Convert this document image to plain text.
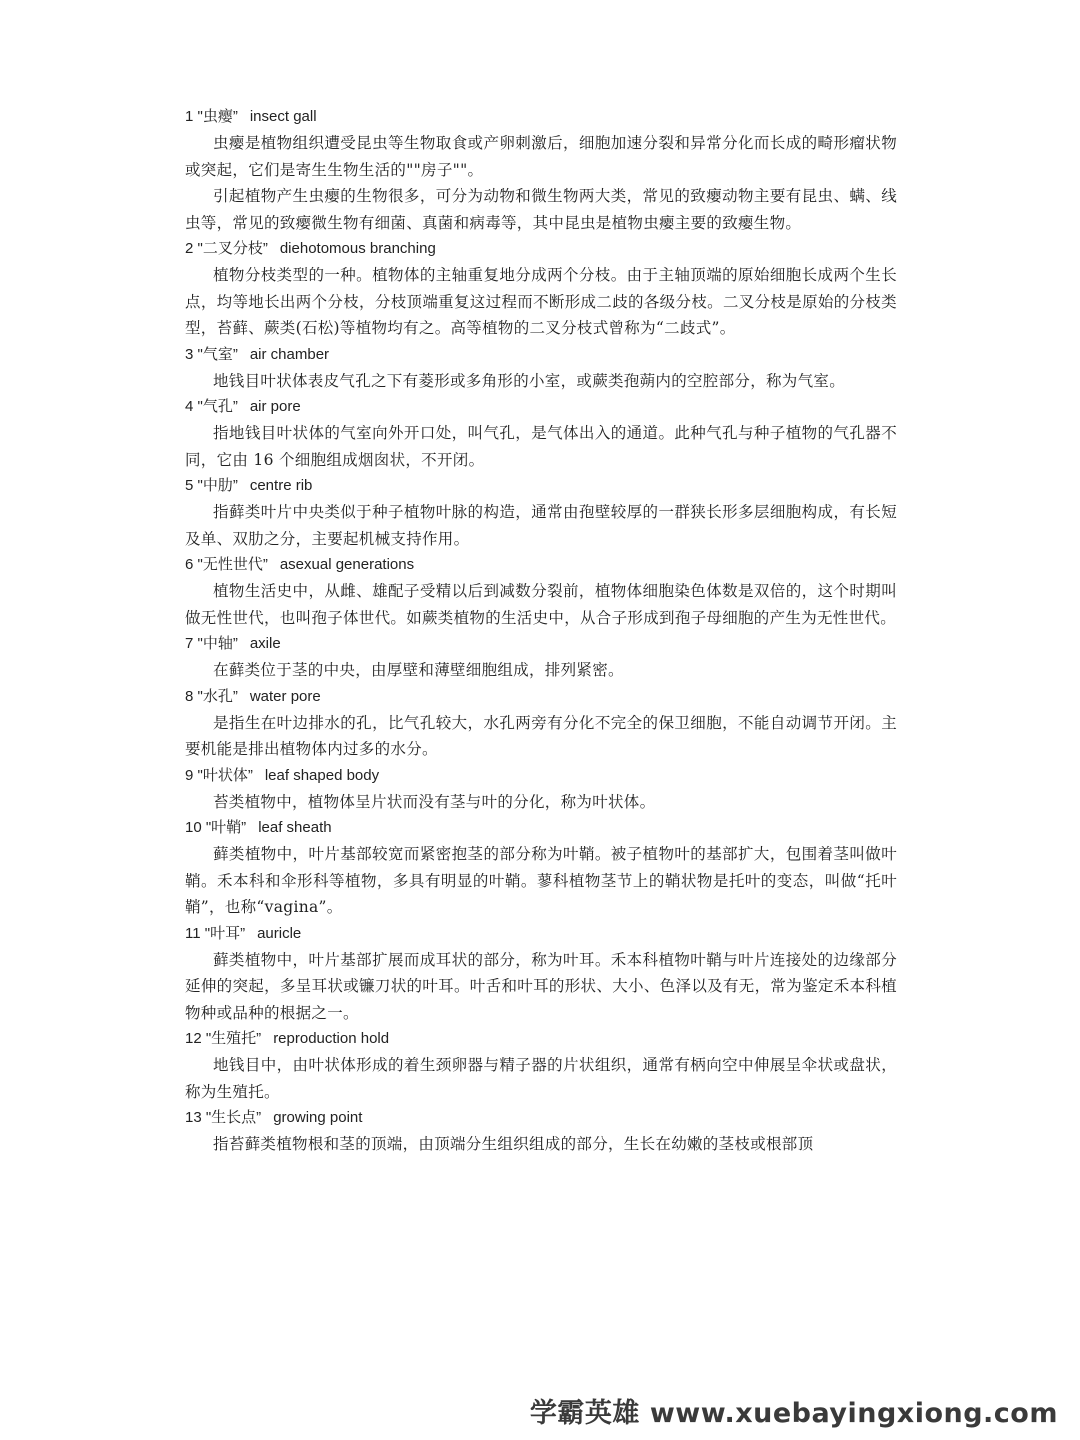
1 "虫瘿” insect gall

虫瘿是植物组织遭受昆虫等生物取食或产卵刺激后，细胞加速分裂和异常分化而长成的畸形瘤状物或突起，它们是寄生生物生活的""房子""。

引起植物产生虫瘿的生物很多，可分为动物和微生物两大类，常见的致瘿动物主要有昆虫、螨、线虫等，常见的致瘿微生物有细菌、真菌和病毒等，其中昆虫是植物虫瘿主要的致瘿生物。

2 "二叉分枝” diehotomous branching

植物分枝类型的一种。植物体的主轴重复地分成两个分枝。由于主轴顶端的原始细胞长成两个生长点，均等地长出两个分枝，分枝顶端重复这过程而不断形成二歧的各级分枝。二叉分枝是原始的分枝类型，苔藓、蕨类(石松)等植物均有之。高等植物的二叉分枝式曾称为“二歧式”。

3 "气室” air chamber

地钱目叶状体表皮气孔之下有菱形或多角形的小室，或蕨类孢蒴内的空腔部分，称为气室。

4 "气孔” air pore

指地钱目叶状体的气室向外开口处，叫气孔，是气体出入的通道。此种气孔与种子植物的气孔器不同，它由 16 个细胞组成烟囱状，不开闭。

5 "中肋” centre rib

指藓类叶片中央类似于种子植物叶脉的构造，通常由孢壁较厚的一群狭长形多层细胞构成，有长短及单、双肋之分，主要起机械支持作用。

6 "无性世代” asexual generations

植物生活史中，从雌、雄配子受精以后到减数分裂前，植物体细胞染色体数是双倍的，这个时期叫做无性世代，也叫孢子体世代。如蕨类植物的生活史中，从合子形成到孢子母细胞的产生为无性世代。

7 "中轴” axile

在藓类位于茎的中央，由厚壁和薄壁细胞组成，排列紧密。

8 "水孔” water pore

是指生在叶边排水的孔，比气孔较大，水孔两旁有分化不完全的保卫细胞，不能自动调节开闭。主要机能是排出植物体内过多的水分。

9 "叶状体” leaf shaped body

苔类植物中，植物体呈片状而没有茎与叶的分化，称为叶状体。

10 "叶鞘” leaf sheath

藓类植物中，叶片基部较宽而紧密抱茎的部分称为叶鞘。被子植物叶的基部扩大，包围着茎叫做叶鞘。禾本科和伞形科等植物，多具有明显的叶鞘。蓼科植物茎节上的鞘状物是托叶的变态，叫做“托叶鞘”，也称“vagina”。

11 "叶耳” auricle

藓类植物中，叶片基部扩展而成耳状的部分，称为叶耳。禾本科植物叶鞘与叶片连接处的边缘部分延伸的突起，多呈耳状或镰刀状的叶耳。叶舌和叶耳的形状、大小、色泽以及有无，常为鉴定禾本科植物种或品种的根据之一。

12 "生殖托” reproduction hold

地钱目中，由叶状体形成的着生颈卵器与精子器的片状组织，通常有柄向空中伸展呈伞状或盘状，称为生殖托。

13 "生长点” growing point

指苔藓类植物根和茎的顶端，由顶端分生组织组成的部分，生长在幼嫩的茎枝或根部顶

学霸英雄 www.xuebayingxiong.com
